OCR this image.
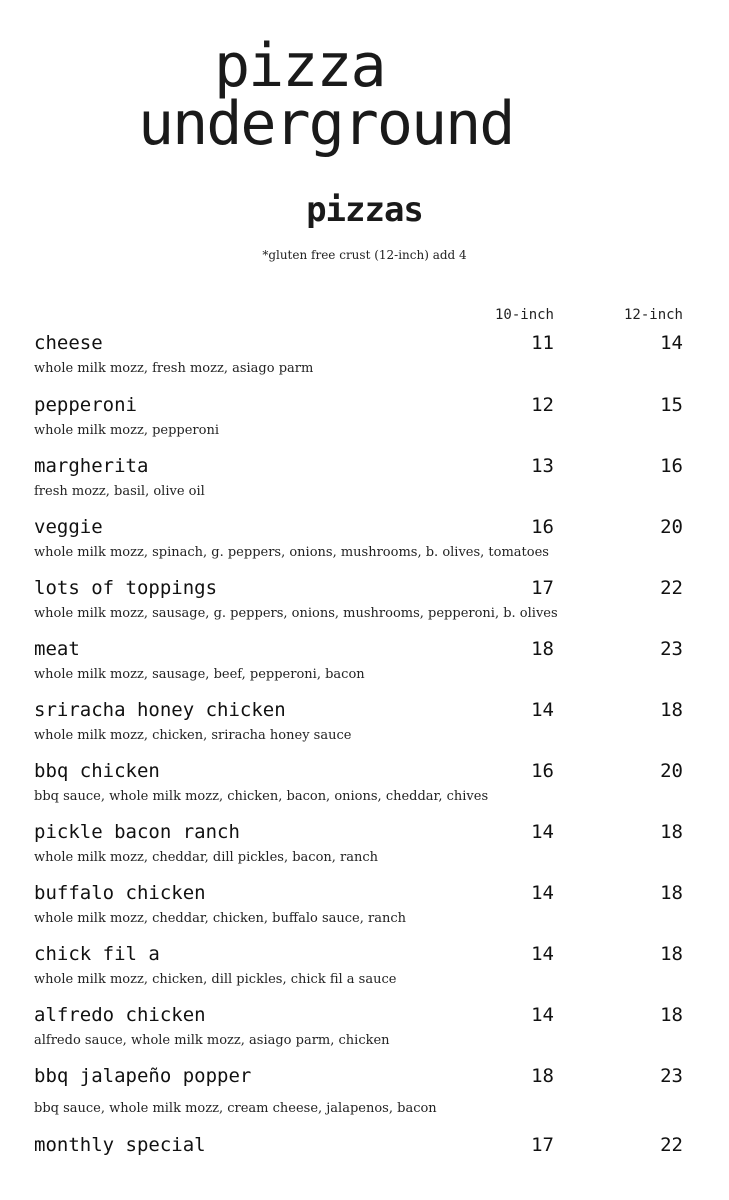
pizza
underground
pizzas
*gluten free crust (12-inch) add 4
10-inch	12-inch
cheese	11	14
whole milk mozz, fresh mozz, asiago parm
pepperoni	12	15
whole milk mozz, pepperoni
margherita	13	16
fresh mozz, basil, olive oil
veggie	16	20
whole milk mozz, spinach, g. peppers, onions, mushrooms, b. olives, tomatoes
lots of toppings	17	22
whole milk mozz, sausage, g. peppers, onions, mushrooms, pepperoni, b. olives
meat	18	23
whole milk mozz, sausage, beef, pepperoni, bacon
sriracha honey chicken	14	18
whole milk mozz, chicken, sriracha honey sauce
bbq chicken	16	20
bbq sauce, whole milk mozz, chicken, bacon, onions, cheddar, chives
pickle bacon ranch	14	18
whole milk mozz, cheddar, dill pickles, bacon, ranch
buffalo chicken	14	18
whole milk mozz, cheddar, chicken, buffalo sauce, ranch
chick fil a	14	18
whole milk mozz, chicken, dill pickles, chick fil a sauce
alfredo chicken	14	18
alfredo sauce, whole milk mozz, asiago parm, chicken
bbq jalapeño popper	18	23
bbq sauce, whole milk mozz, cream cheese, jalapenos, bacon
monthly special	17	22
